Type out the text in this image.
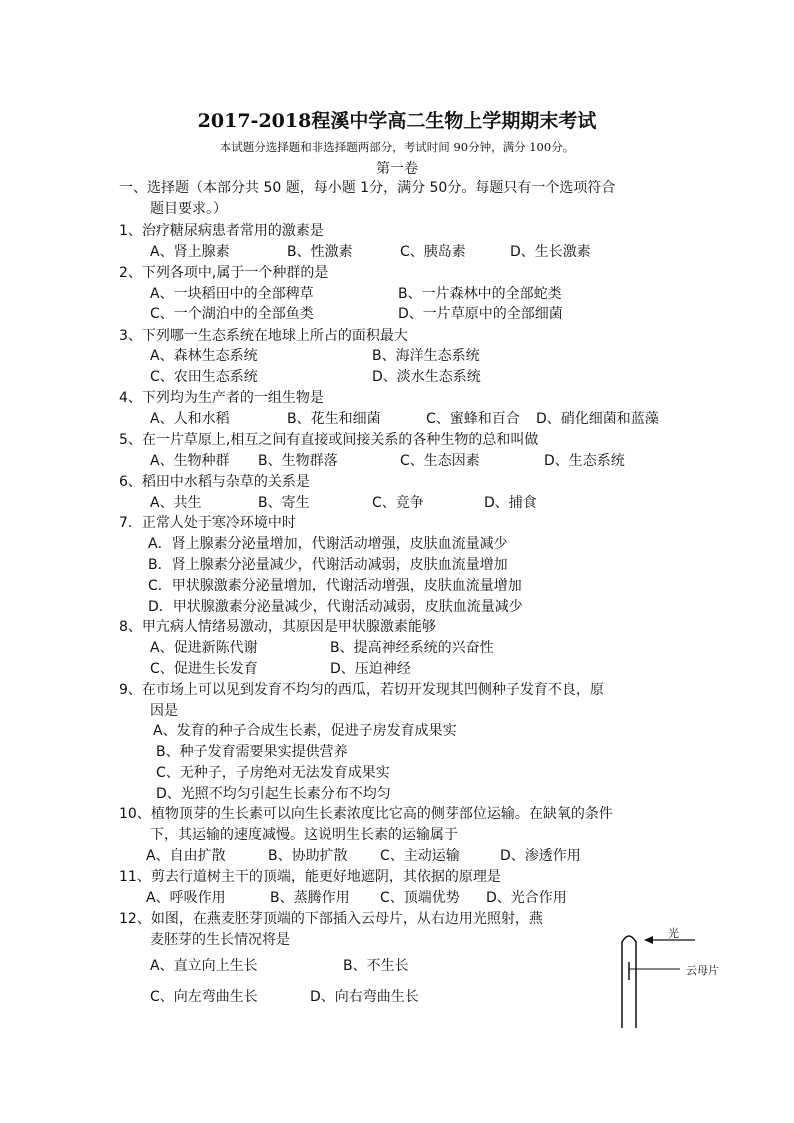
2017-2018程溪中学高二生物上学期期末考试
本试题分选择题和非选择题两部分，考试时间 90分钟，满分 100分。
第一卷
一、选择题（本部分共 50 题，每小题 1分，满分 50分。每题只有一个选项符合
题目要求。）
1、治疗糖尿病患者常用的激素是
A、肾上腺素	B、性激素	C、胰岛素	D、生长激素
2、下列各项中,属于一个种群的是
A、一块稻田中的全部稗草	B、一片森林中的全部蛇类
C、一个湖泊中的全部鱼类	D、一片草原中的全部细菌
3、下列哪一生态系统在地球上所占的面积最大
A、森林生态系统	B、海洋生态系统
C、农田生态系统	D、淡水生态系统
4、下列均为生产者的一组生物是
A、人和水稻	B、花生和细菌	C、蜜蜂和百合 D、硝化细菌和蓝藻
5、在一片草原上,相互之间有直接或间接关系的各种生物的总和叫做
A、生物种群 B、生物群落	C、生态因素	D、生态系统
6、稻田中水稻与杂草的关系是
A、共生	B、寄生	C、竞争	D、捕食
7．正常人处于寒冷环境中时
A．肾上腺素分泌量增加，代谢活动增强，皮肤血流量减少
B．肾上腺素分泌量减少，代谢活动减弱，皮肤血流量增加
C．甲状腺激素分泌量增加，代谢活动增强，皮肤血流量增加
D．甲状腺激素分泌量减少，代谢活动减弱，皮肤血流量减少
8、甲亢病人情绪易激动，其原因是甲状腺激素能够
A、促进新陈代谢	B、提高神经系统的兴奋性
C、促进生长发育	D、压迫神经
9、在市场上可以见到发育不均匀的西瓜，若切开发现其凹侧种子发育不良，原
因是
A、发育的种子合成生长素，促进子房发育成果实
B、种子发育需要果实提供营养
C、无种子，子房绝对无法发育成果实
D、光照不均匀引起生长素分布不均匀
10、植物顶芽的生长素可以向生长素浓度比它高的侧芽部位运输。在缺氧的条件
下，其运输的速度减慢。这说明生长素的运输属于
A、自由扩散	B、协助扩散 C、主动运输	D、渗透作用
11、剪去行道树主干的顶端，能更好地遮阴，其依据的原理是
A、呼吸作用	B、蒸腾作用 C、顶端优势 D、光合作用
12、如图，在燕麦胚芽顶端的下部插入云母片，从右边用光照射，燕
麦胚芽的生长情况将是
A、直立向上生长	B、不生长
C、向左弯曲生长	D、向右弯曲生长
光
云母片
